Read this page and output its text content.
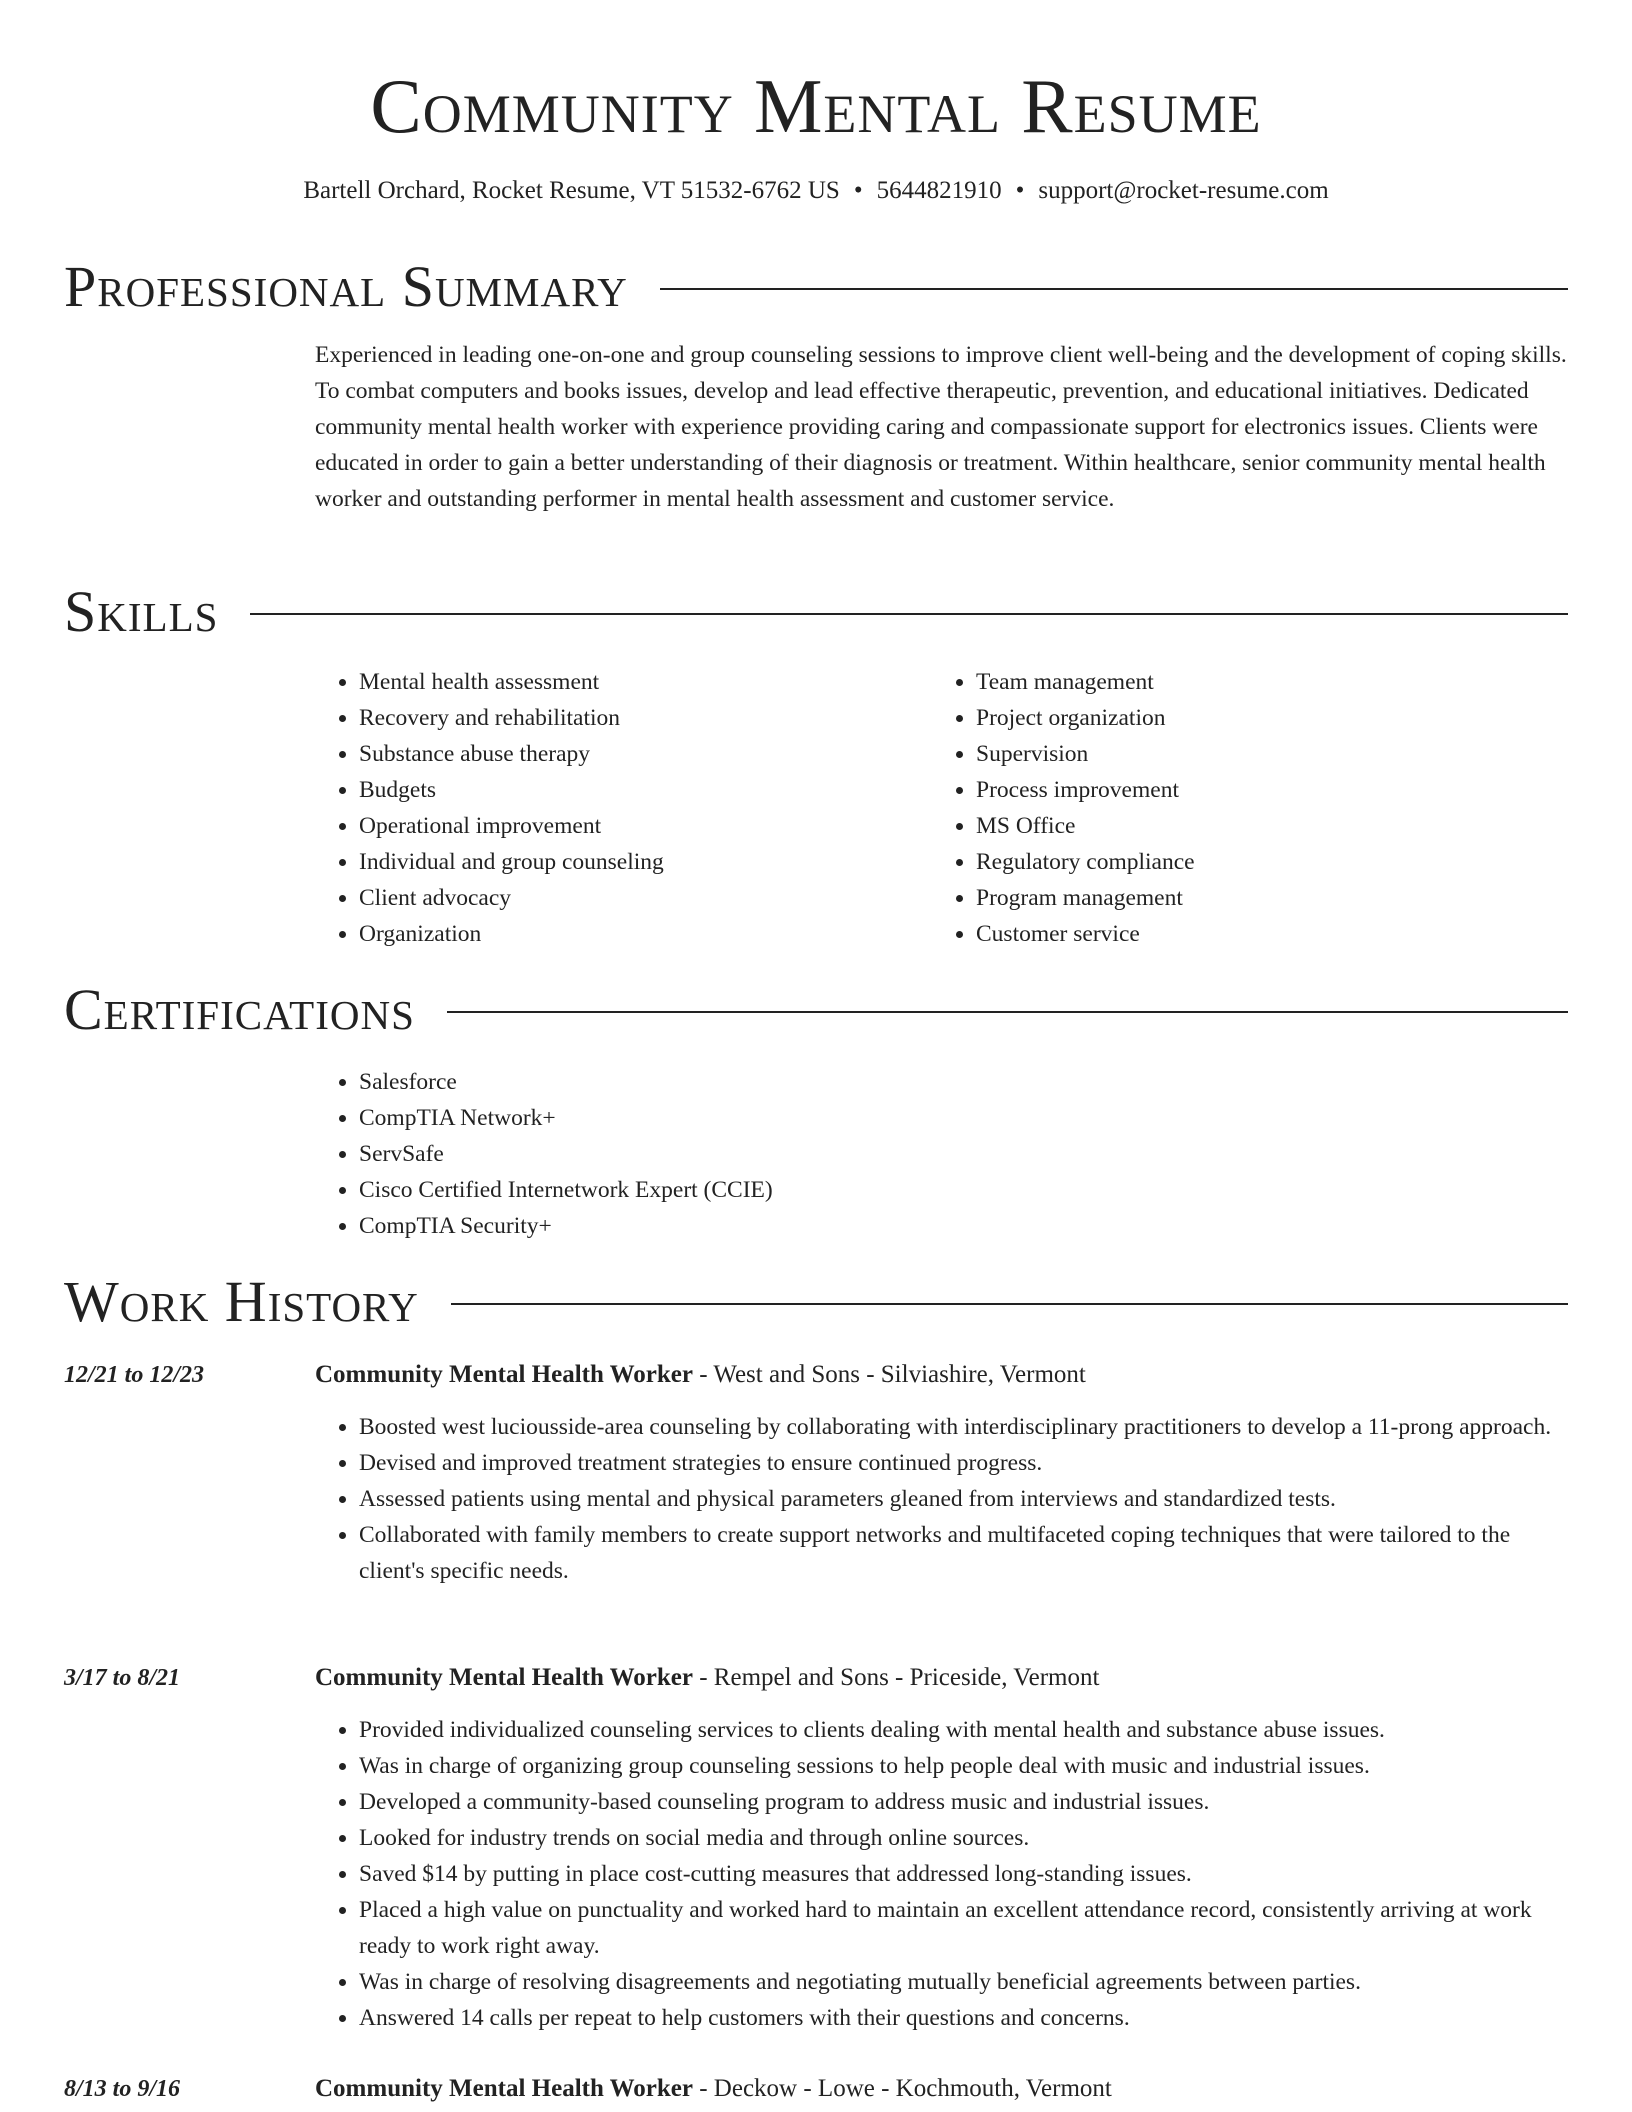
Community Mental Resume
Bartell Orchard, Rocket Resume, VT 51532-6762 US • 5644821910 • support@rocket-resume.com
Professional Summary
Experienced in leading one-on-one and group counseling sessions to improve client well-being and the development of coping skills. To combat computers and books issues, develop and lead effective therapeutic, prevention, and educational initiatives. Dedicated community mental health worker with experience providing caring and compassionate support for electronics issues. Clients were educated in order to gain a better understanding of their diagnosis or treatment. Within healthcare, senior community mental health worker and outstanding performer in mental health assessment and customer service.
Skills
• Mental health assessment
• Recovery and rehabilitation
• Substance abuse therapy
• Budgets
• Operational improvement
• Individual and group counseling
• Client advocacy
• Organization
• Team management
• Project organization
• Supervision
• Process improvement
• MS Office
• Regulatory compliance
• Program management
• Customer service
Certifications
• Salesforce
• CompTIA Network+
• ServSafe
• Cisco Certified Internetwork Expert (CCIE)
• CompTIA Security+
Work History
12/21 to 12/23	Community Mental Health Worker - West and Sons - Silviashire, Vermont
• Boosted west luciousside-area counseling by collaborating with interdisciplinary practitioners to develop a 11-prong approach.
• Devised and improved treatment strategies to ensure continued progress.
• Assessed patients using mental and physical parameters gleaned from interviews and standardized tests.
• Collaborated with family members to create support networks and multifaceted coping techniques that were tailored to the client's specific needs.
3/17 to 8/21	Community Mental Health Worker - Rempel and Sons - Priceside, Vermont
• Provided individualized counseling services to clients dealing with mental health and substance abuse issues.
• Was in charge of organizing group counseling sessions to help people deal with music and industrial issues.
• Developed a community-based counseling program to address music and industrial issues.
• Looked for industry trends on social media and through online sources.
• Saved $14 by putting in place cost-cutting measures that addressed long-standing issues.
• Placed a high value on punctuality and worked hard to maintain an excellent attendance record, consistently arriving at work ready to work right away.
• Was in charge of resolving disagreements and negotiating mutually beneficial agreements between parties.
• Answered 14 calls per repeat to help customers with their questions and concerns.
8/13 to 9/16	Community Mental Health Worker - Deckow - Lowe - Kochmouth, Vermont
